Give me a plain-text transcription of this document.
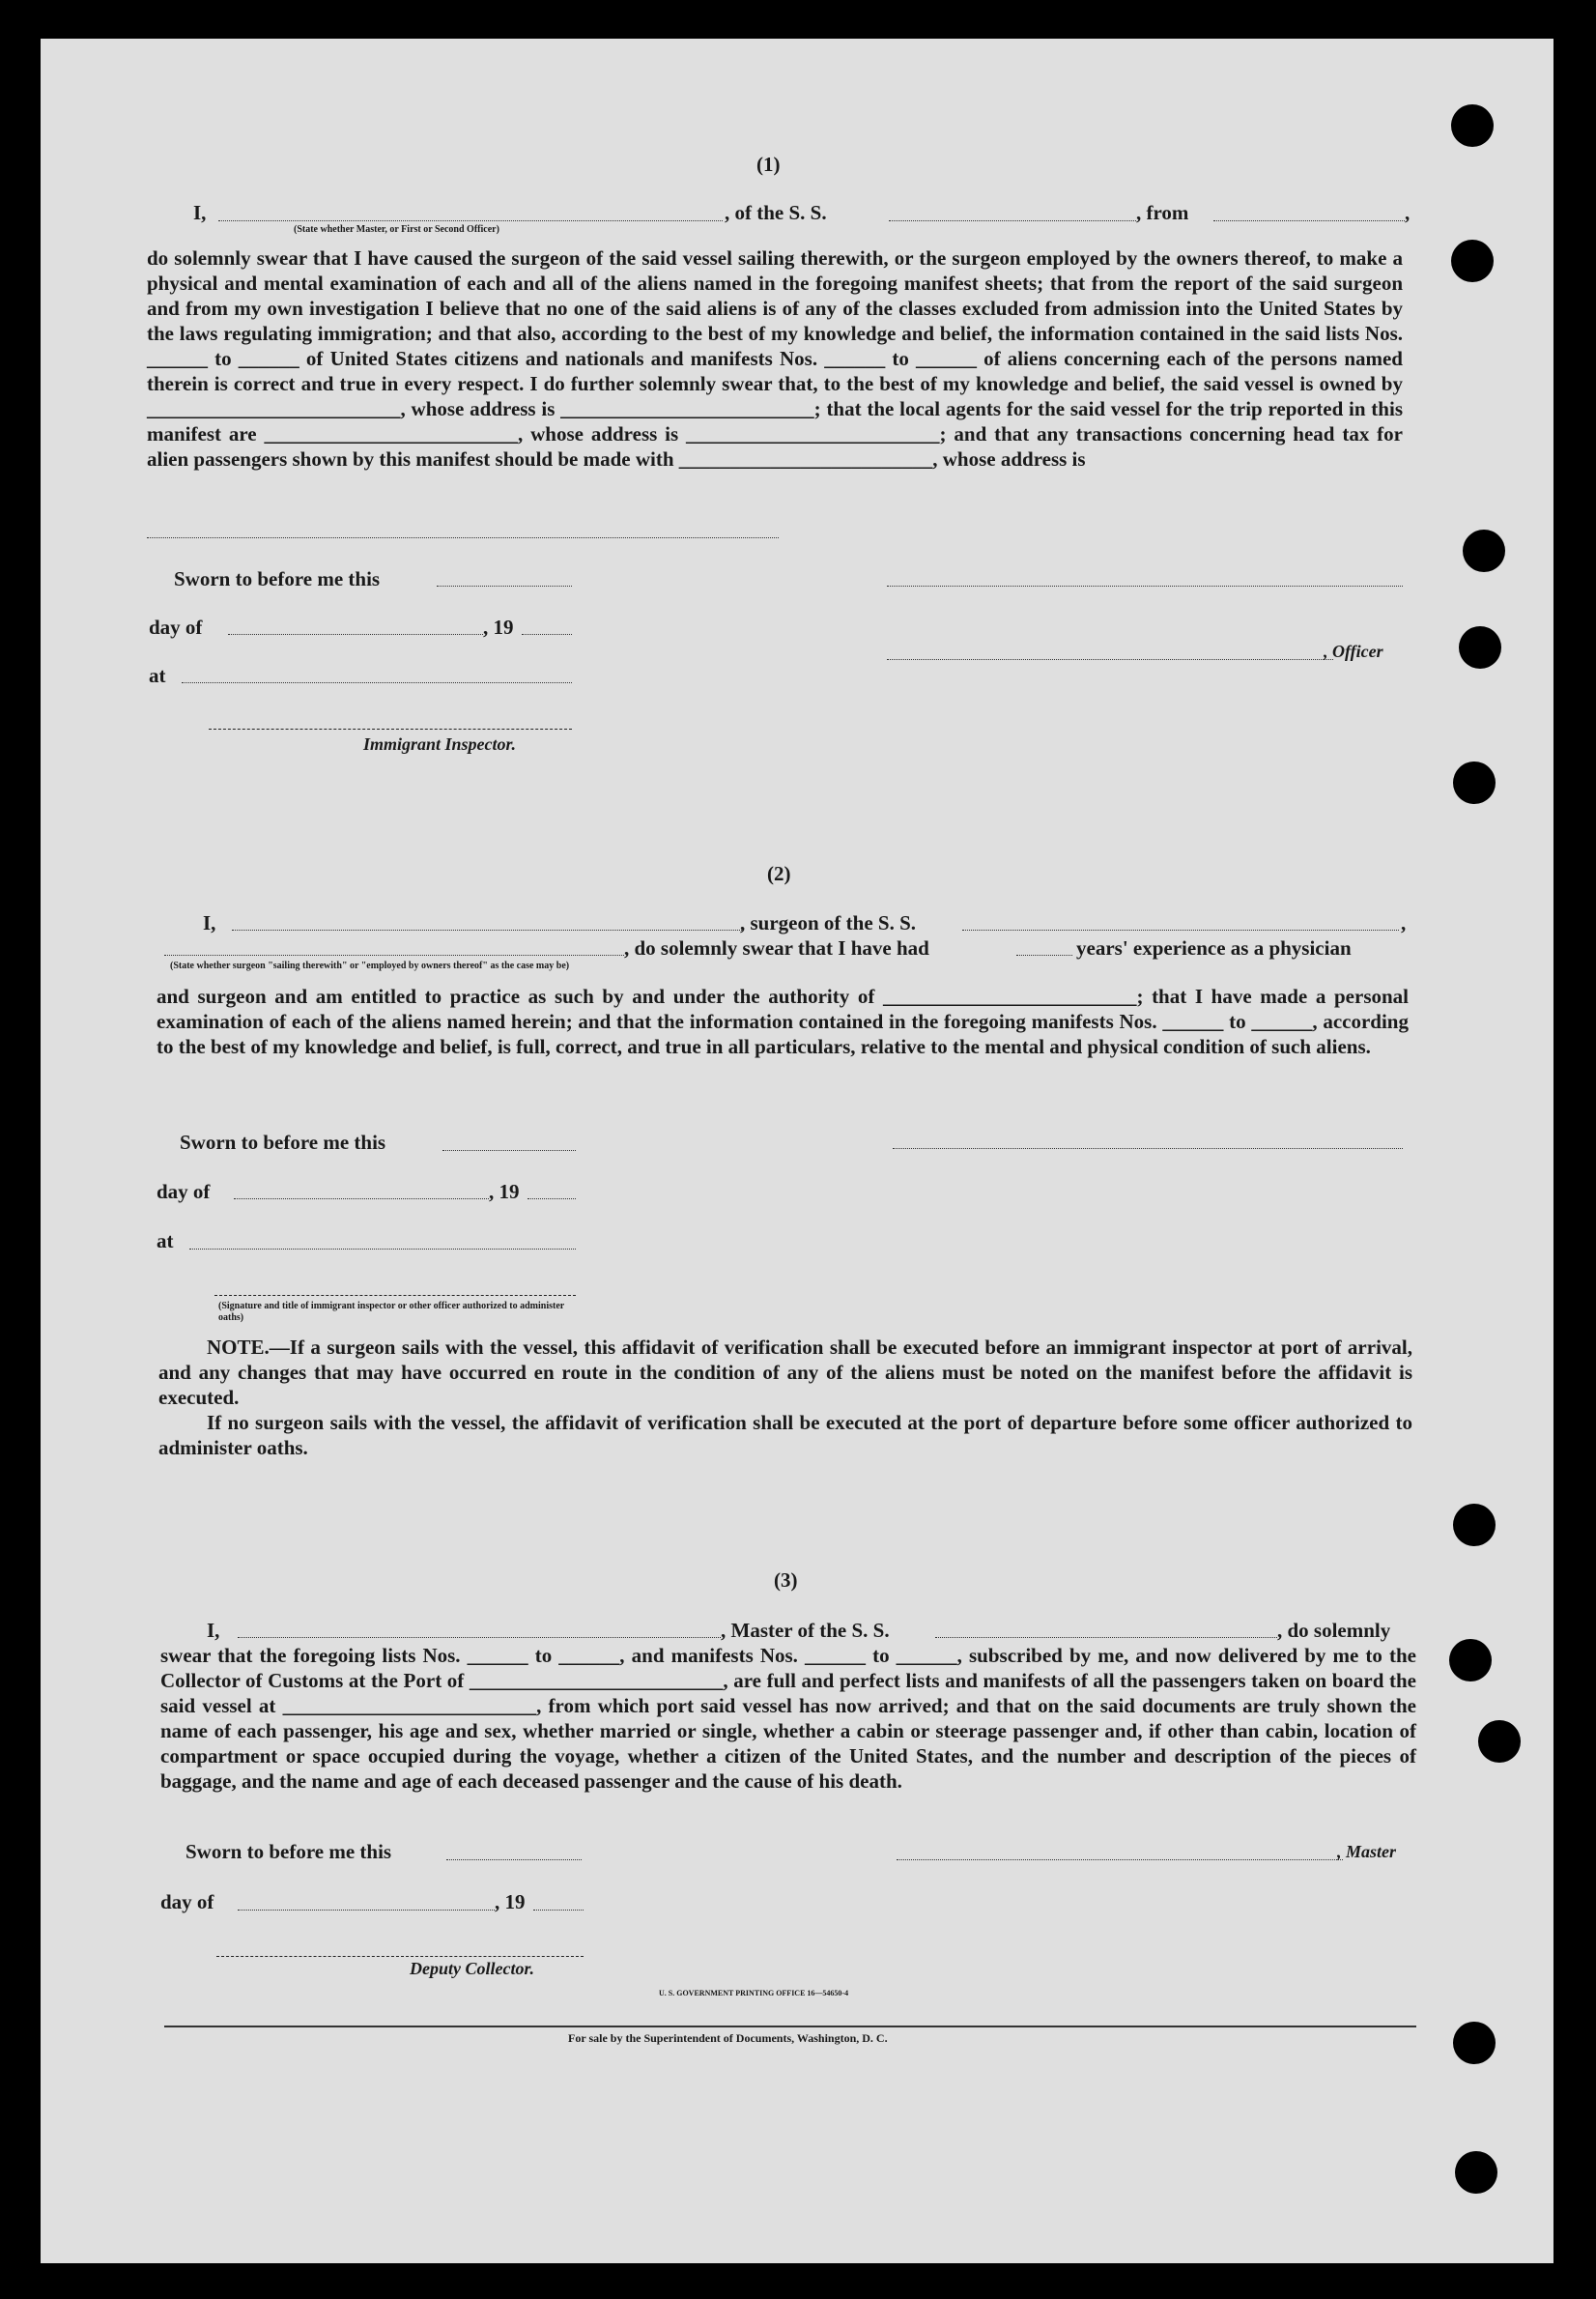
(1)
I,
(State whether Master, or First or Second Officer)
, of the S. S.	, from	,
do solemnly swear that I have caused the surgeon of the said vessel sailing therewith, or the surgeon employed by the owners thereof, to make a physical and mental examination of each and all of the aliens named in the foregoing manifest sheets; that from the report of the said surgeon and from my own investigation I believe that no one of the said aliens is of any of the classes excluded from admission into the United States by the laws regulating immigration; and that also, according to the best of my knowledge and belief, the information contained in the said lists Nos. ______ to ______ of United States citizens and nationals and manifests Nos. ______ to ______ of aliens concerning each of the persons named therein is correct and true in every respect. I do further solemnly swear that, to the best of my knowledge and belief, the said vessel is owned by _________________________, whose address is _________________________; that the local agents for the said vessel for the trip reported in this manifest are _________________________, whose address is _________________________; and that any transactions concerning head tax for alien passengers shown by this manifest should be made with _________________________, whose address is
Sworn to before me this
day of	, 19
at
Immigrant Inspector.
, Officer
(2)
I,	, surgeon of the S. S.	,
, do solemnly swear that I have had	years' experience as a physician
(State whether surgeon "sailing therewith" or "employed by owners thereof" as the case may be)
and surgeon and am entitled to practice as such by and under the authority of _________________________; that I have made a personal examination of each of the aliens named herein; and that the information contained in the foregoing manifests Nos. ______ to ______, according to the best of my knowledge and belief, is full, correct, and true in all particulars, relative to the mental and physical condition of such aliens.
Sworn to before me this
day of	, 19
at
(Signature and title of immigrant inspector or other officer authorized to administer oaths)
NOTE.—If a surgeon sails with the vessel, this affidavit of verification shall be executed before an immigrant inspector at port of arrival, and any changes that may have occurred en route in the condition of any of the aliens must be noted on the manifest before the affidavit is executed.
If no surgeon sails with the vessel, the affidavit of verification shall be executed at the port of departure before some officer authorized to administer oaths.
(3)
I,	, Master of the S. S.	, do solemnly
swear that the foregoing lists Nos. ______ to ______, and manifests Nos. ______ to ______, subscribed by me, and now delivered by me to the Collector of Customs at the Port of _________________________, are full and perfect lists and manifests of all the passengers taken on board the said vessel at _________________________, from which port said vessel has now arrived; and that on the said documents are truly shown the name of each passenger, his age and sex, whether married or single, whether a cabin or steerage passenger and, if other than cabin, location of compartment or space occupied during the voyage, whether a citizen of the United States, and the number and description of the pieces of baggage, and the name and age of each deceased passenger and the cause of his death.
Sworn to before me this
day of	, 19
Deputy Collector.
, Master
U. S. GOVERNMENT PRINTING OFFICE 16—54650-4
For sale by the Superintendent of Documents, Washington, D. C.
